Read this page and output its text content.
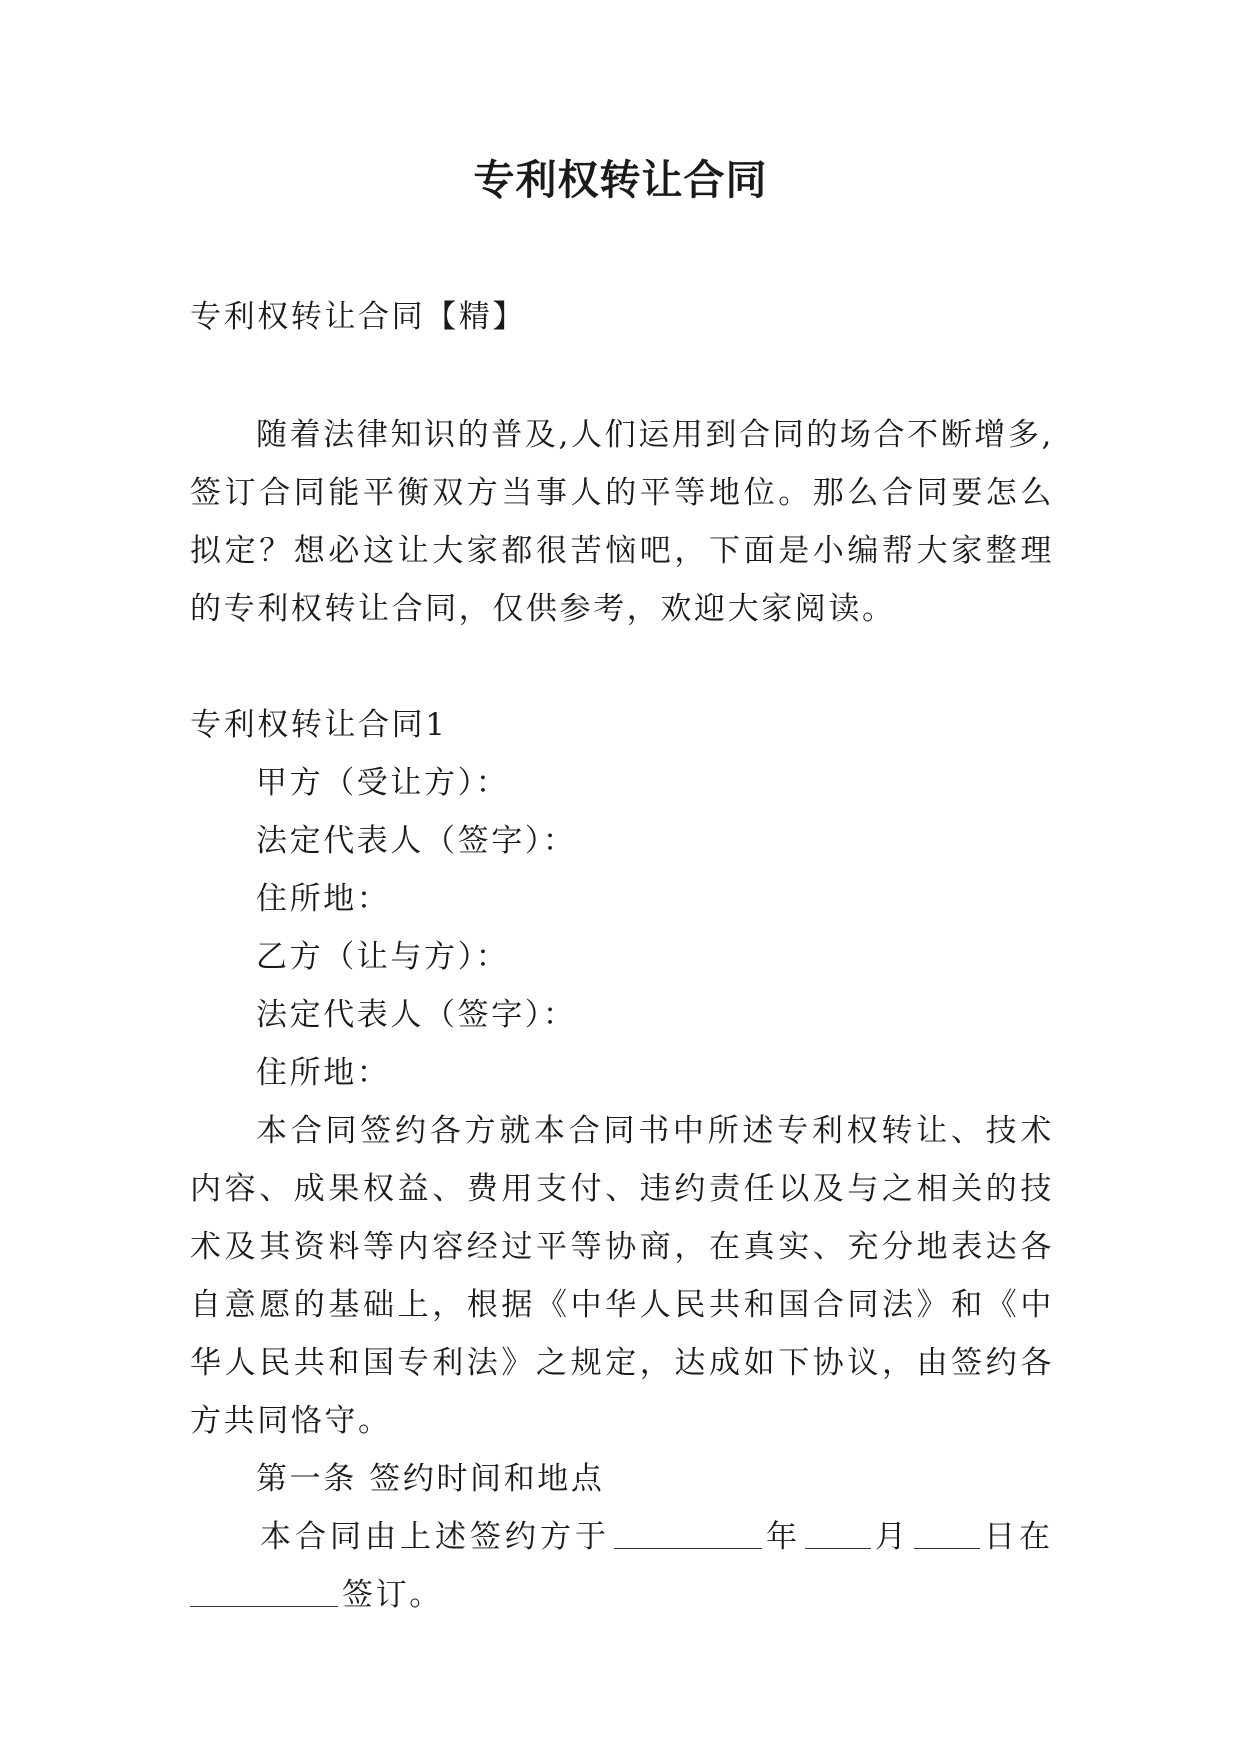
专利权转让合同
专利权转让合同【精】
随着法律知识的普及,人们运用到合同的场合不断增多,签订合同能平衡双方当事人的平等地位。那么合同要怎么拟定？想必这让大家都很苦恼吧，下面是小编帮大家整理的专利权转让合同，仅供参考，欢迎大家阅读。

专利权转让合同1

甲方（受让方）：

法定代表人（签字）：

住所地：

乙方（让与方）：

法定代表人（签字）：

住所地：

本合同签约各方就本合同书中所述专利权转让、技术内容、成果权益、费用支付、违约责任以及与之相关的技术及其资料等内容经过平等协商，在真实、充分地表达各自意愿的基础上，根据《中华人民共和国合同法》和《中华人民共和国专利法》之规定，达成如下协议，由签约各方共同恪守。

第一条 签约时间和地点

本合同由上述签约方于	年 月 日在

签订。
